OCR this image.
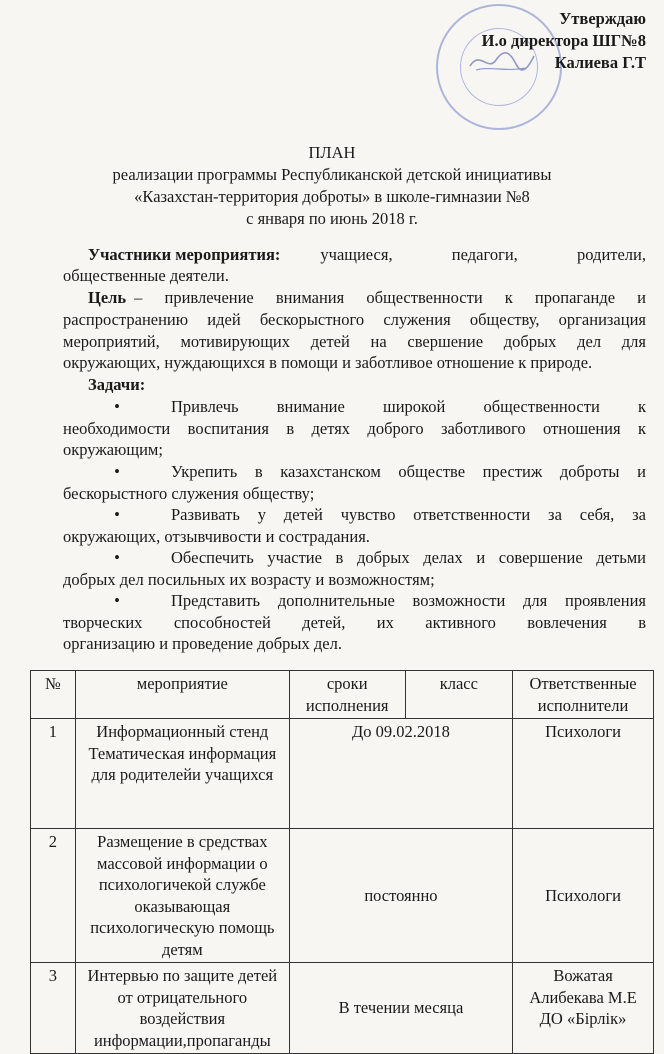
Утверждаю
И.о директора ШГ№8
Калиева Г.Т
ПЛАН
реализации программы Республиканской детской инициативы
«Казахстан-территория доброты» в школе-гимназии №8
с января по июнь 2018 г.
Участники мероприятия: учащиеся, педагоги, родители,
общественные деятели.
Цель – привлечение внимания общественности к пропаганде и
распространению идей бескорыстного служения обществу, организация
мероприятий, мотивирующих детей на свершение добрых дел для
окружающих, нуждающихся в помощи и заботливое отношение к природе.
Задачи:
•	Привлечь внимание широкой общественности к
необходимости воспитания в детях доброго заботливого отношения к
окружающим;
•	Укрепить в казахстанском обществе престиж доброты и
бескорыстного служения обществу;
•	Развивать у детей чувство ответственности за себя, за
окружающих, отзывчивости и сострадания.
•	Обеспечить участие в добрых делах и совершение детьми
добрых дел посильных их возрасту и возможностям;
•	Представить дополнительные возможности для проявления
творческих способностей детей, их активного вовлечения в
организацию и проведение добрых дел.
№	мероприятие	сроки исполнения	класс	Ответственные исполнители
1	Информационный стенд Тематическая информация для родителейи учащихся	До 09.02.2018		Психологи
2	Размещение в средствах массовой информации о психологичекой службе оказывающая психологическую помощь детям	постоянно		Психологи
3	Интервью по защите детей от отрицательного воздействия информации,пропаганды	В течении месяца		Вожатая Алибекава М.Е ДО «Бірлік»
